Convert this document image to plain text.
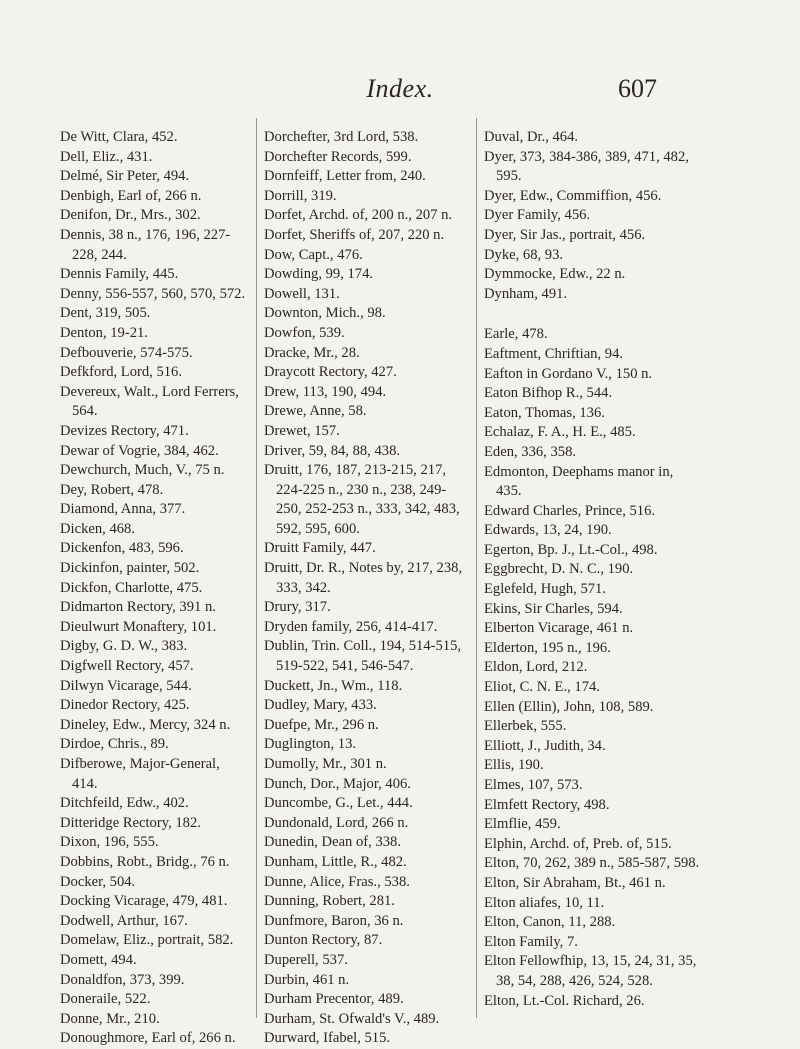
Index.	607
De Witt, Clara, 452.
Dell, Eliz., 431.
Delmé, Sir Peter, 494.
Denbigh, Earl of, 266 n.
Denifon, Dr., Mrs., 302.
Dennis, 38 n., 176, 196, 227-228, 244.
Dennis Family, 445.
Denny, 556-557, 560, 570, 572.
Dent, 319, 505.
Denton, 19-21.
Defbouverie, 574-575.
Defkford, Lord, 516.
Devereux, Walt., Lord Ferrers, 564.
Devizes Rectory, 471.
Dewar of Vogrie, 384, 462.
Dewchurch, Much, V., 75 n.
Dey, Robert, 478.
Diamond, Anna, 377.
Dicken, 468.
Dickenfon, 483, 596.
Dickinfon, painter, 502.
Dickfon, Charlotte, 475.
Didmarton Rectory, 391 n.
Dieulwurt Monaftery, 101.
Digby, G. D. W., 383.
Digfwell Rectory, 457.
Dilwyn Vicarage, 544.
Dinedor Rectory, 425.
Dineley, Edw., Mercy, 324 n.
Dirdoe, Chris., 89.
Difberowe, Major-General, 414.
Ditchfeild, Edw., 402.
Ditteridge Rectory, 182.
Dixon, 196, 555.
Dobbins, Robt., Bridg., 76 n.
Docker, 504.
Docking Vicarage, 479, 481.
Dodwell, Arthur, 167.
Domelaw, Eliz., portrait, 582.
Domett, 494.
Donaldfon, 373, 399.
Doneraile, 522.
Donne, Mr., 210.
Donoughmore, Earl of, 266 n.
Dorchefter, 3rd Lord, 538.
Dorchefter Records, 599.
Dornfeiff, Letter from, 240.
Dorrill, 319.
Dorfet, Archd. of, 200 n., 207 n.
Dorfet, Sheriffs of, 207, 220 n.
Dow, Capt., 476.
Dowding, 99, 174.
Dowell, 131.
Downton, Mich., 98.
Dowfon, 539.
Dracke, Mr., 28.
Draycott Rectory, 427.
Drew, 113, 190, 494.
Drewe, Anne, 58.
Drewet, 157.
Driver, 59, 84, 88, 438.
Druitt, 176, 187, 213-215, 217, 224-225 n., 230 n., 238, 249-250, 252-253 n., 333, 342, 483, 592, 595, 600.
Druitt Family, 447.
Druitt, Dr. R., Notes by, 217, 238, 333, 342.
Drury, 317.
Dryden family, 256, 414-417.
Dublin, Trin. Coll., 194, 514-515, 519-522, 541, 546-547.
Duckett, Jn., Wm., 118.
Dudley, Mary, 433.
Duefpe, Mr., 296 n.
Duglington, 13.
Dumolly, Mr., 301 n.
Dunch, Dor., Major, 406.
Duncombe, G., Let., 444.
Dundonald, Lord, 266 n.
Dunedin, Dean of, 338.
Dunham, Little, R., 482.
Dunne, Alice, Fras., 538.
Dunning, Robert, 281.
Dunfmore, Baron, 36 n.
Dunton Rectory, 87.
Duperell, 537.
Durbin, 461 n.
Durham Precentor, 489.
Durham, St. Ofwald's V., 489.
Durward, Ifabel, 515.
Duval, Dr., 464.
Dyer, 373, 384-386, 389, 471, 482, 595.
Dyer, Edw., Commiffion, 456.
Dyer Family, 456.
Dyer, Sir Jas., portrait, 456.
Dyke, 68, 93.
Dymmocke, Edw., 22 n.
Dynham, 491.
Earle, 478.
Eaftment, Chriftian, 94.
Eafton in Gordano V., 150 n.
Eaton Bifhop R., 544.
Eaton, Thomas, 136.
Echalaz, F. A., H. E., 485.
Eden, 336, 358.
Edmonton, Deephams manor in, 435.
Edward Charles, Prince, 516.
Edwards, 13, 24, 190.
Egerton, Bp. J., Lt.-Col., 498.
Eggbrecht, D. N. C., 190.
Eglefeld, Hugh, 571.
Ekins, Sir Charles, 594.
Elberton Vicarage, 461 n.
Elderton, 195 n., 196.
Eldon, Lord, 212.
Eliot, C. N. E., 174.
Ellen (Ellin), John, 108, 589.
Ellerbek, 555.
Elliott, J., Judith, 34.
Ellis, 190.
Elmes, 107, 573.
Elmfett Rectory, 498.
Elmflie, 459.
Elphin, Archd. of, Preb. of, 515.
Elton, 70, 262, 389 n., 585-587, 598.
Elton, Sir Abraham, Bt., 461 n.
Elton aliafes, 10, 11.
Elton, Canon, 11, 288.
Elton Family, 7.
Elton Fellowfhip, 13, 15, 24, 31, 35, 38, 54, 288, 426, 524, 528.
Elton, Lt.-Col. Richard, 26.
